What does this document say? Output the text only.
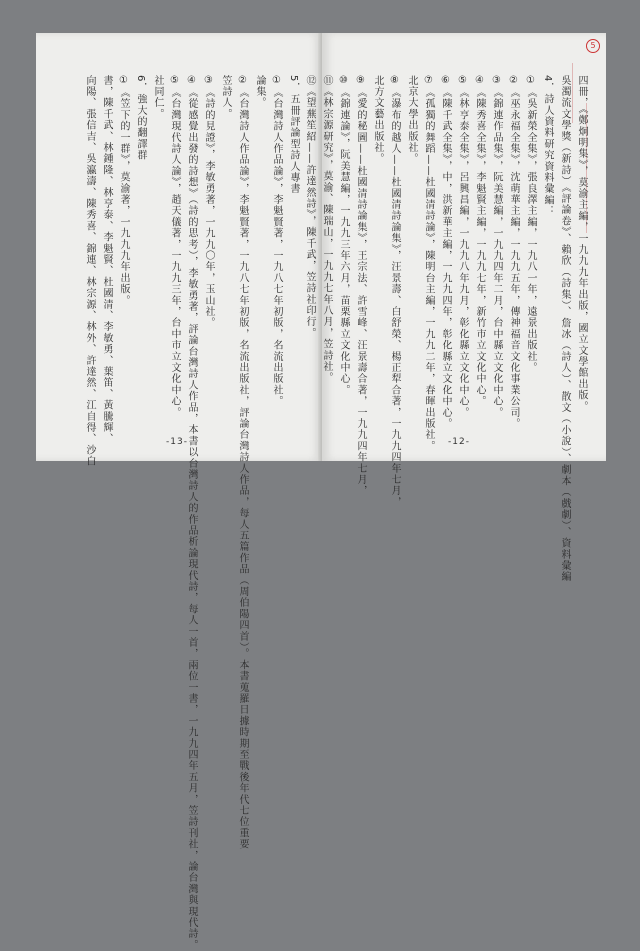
5．五冊評論型詩人專書
①《台灣詩人作品論》，李魁賢著，一九八七年初版，名流出版社。
論集。
②《台灣詩人作品論》，李魁賢著，一九八七年初版，名流出版社，評論台灣詩人作品，每人五篇作品（周伯陽四首）。本書蒐羅日據時期至戰後年代七位重要
笠詩人。
③《詩的見證》，李敏勇著，一九九〇年，玉山社。
④《從感覺出發的詩想》（詩的思考），李敏勇著，評論台灣詩人作品，本書以台灣詩人的作品析論現代詩，每人一首，兩位一書，一九九四年五月，笠詩刊社，論台灣與現代詩。
⑤《台灣現代詩人論》，趙天儀著，一九九三年，台中市立文化中心。
社同仁。
6．強大的翻譯群
①《笠下的一群》，莫渝著，一九九九年出版。
書，陳千武、林鍾隆、林亨泰、李魁賢、杜國清、李敏勇、葉笛、黃騰輝、
向陽、張信吉、吳瀛濤、陳秀喜、錦連、林宗源、林外、許達然、江自得、沙白	-13-
5
四冊，《鄭炯明集》，莫渝主編，一九九九年出版，國立文學館出版。
吳濁流文學獎（新詩）《評論卷》、賴欣（詩集）、詹冰（詩人）、散文（小說）、劇本（戲劇）、資料彙編
4．詩人資料研究資料彙編：
①《吳新榮全集》，張良澤主編，一九八一年，遠景出版社。
②《巫永福全集》，沈萌華主編，一九九五年，傳神福音文化事業公司。
③《錦連作品集》，阮美慧編，一九九四年二月，台中縣立文化中心。
④《陳秀喜全集》，李魁賢主編，一九九七年，新竹市立文化中心。
⑤《林亨泰全集》，呂興昌編，一九九八年九月，彰化縣立文化中心。
⑥《陳千武全集》，中，洪新華主編，一九九四年，彰化縣立文化中心。
⑦《孤獨的舞蹈——杜國清詩論》，陳明台主編，一九九二年，春暉出版社。
北京大學出版社。
⑧《瀑布的越人——杜國清詩論集》，汪景壽、白舒榮、楊正犁合著，一九九四年七月，
北方文藝出版社。
⑨《愛的秘圖——杜國清詩論集》，王宗法、許雪峰、汪景壽合著，一九九四年七月，
⑩《錦連論》，阮美慧編，一九九三年六月，苗栗縣立文化中心。
⑪《林宗源研究》，莫渝、陳瑞山，一九九七年八月，笠詩社。
⑫《望蕪笙紹——許達然詩》，陳千武，笠詩社印行。
-12-
